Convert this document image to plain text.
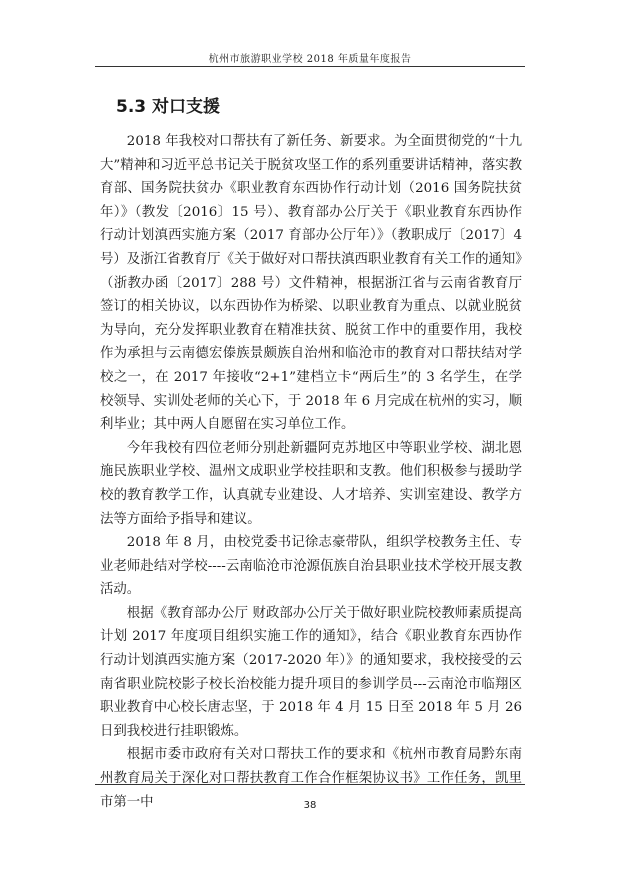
杭州市旅游职业学校 2018 年质量年度报告
5.3 对口支援

2018 年我校对口帮扶有了新任务、新要求。为全面贯彻党的“十九大”精神和习近平总书记关于脱贫攻坚工作的系列重要讲话精神，落实教育部、国务院扶贫办《职业教育东西协作行动计划（2016 国务院扶贫年）》（教发〔2016〕15 号）、教育部办公厅关于《职业教育东西协作行动计划滇西实施方案（2017 育部办公厅年）》（教职成厅〔2017〕4 号）及浙江省教育厅《关于做好对口帮扶滇西职业教育有关工作的通知》（浙教办函〔2017〕288 号）文件精神，根据浙江省与云南省教育厅签订的相关协议，以东西协作为桥梁、以职业教育为重点、以就业脱贫为导向，充分发挥职业教育在精准扶贫、脱贫工作中的重要作用，我校作为承担与云南德宏傣族景颇族自治州和临沧市的教育对口帮扶结对学校之一，在 2017 年接收“2+1”建档立卡“两后生”的 3 名学生，在学校领导、实训处老师的关心下，于 2018 年 6 月完成在杭州的实习，顺利毕业；其中两人自愿留在实习单位工作。

今年我校有四位老师分别赴新疆阿克苏地区中等职业学校、湖北恩施民族职业学校、温州文成职业学校挂职和支教。他们积极参与援助学校的教育教学工作，认真就专业建设、人才培养、实训室建设、教学方法等方面给予指导和建议。

2018 年 8 月，由校党委书记徐志豪带队，组织学校教务主任、专业老师赴结对学校----云南临沧市沧源佤族自治县职业技术学校开展支教活动。

根据《教育部办公厅 财政部办公厅关于做好职业院校教师素质提高计划 2017 年度项目组织实施工作的通知》，结合《职业教育东西协作行动计划滇西实施方案（2017-2020 年）》的通知要求，我校接受的云南省职业院校影子校长治校能力提升项目的参训学员---云南沧市临翔区职业教育中心校长唐志坚，于 2018 年 4 月 15 日至 2018 年 5 月 26 日到我校进行挂职锻炼。

根据市委市政府有关对口帮扶工作的要求和《杭州市教育局黔东南州教育局关于深化对口帮扶教育工作合作框架协议书》工作任务，凯里市第一中	38
